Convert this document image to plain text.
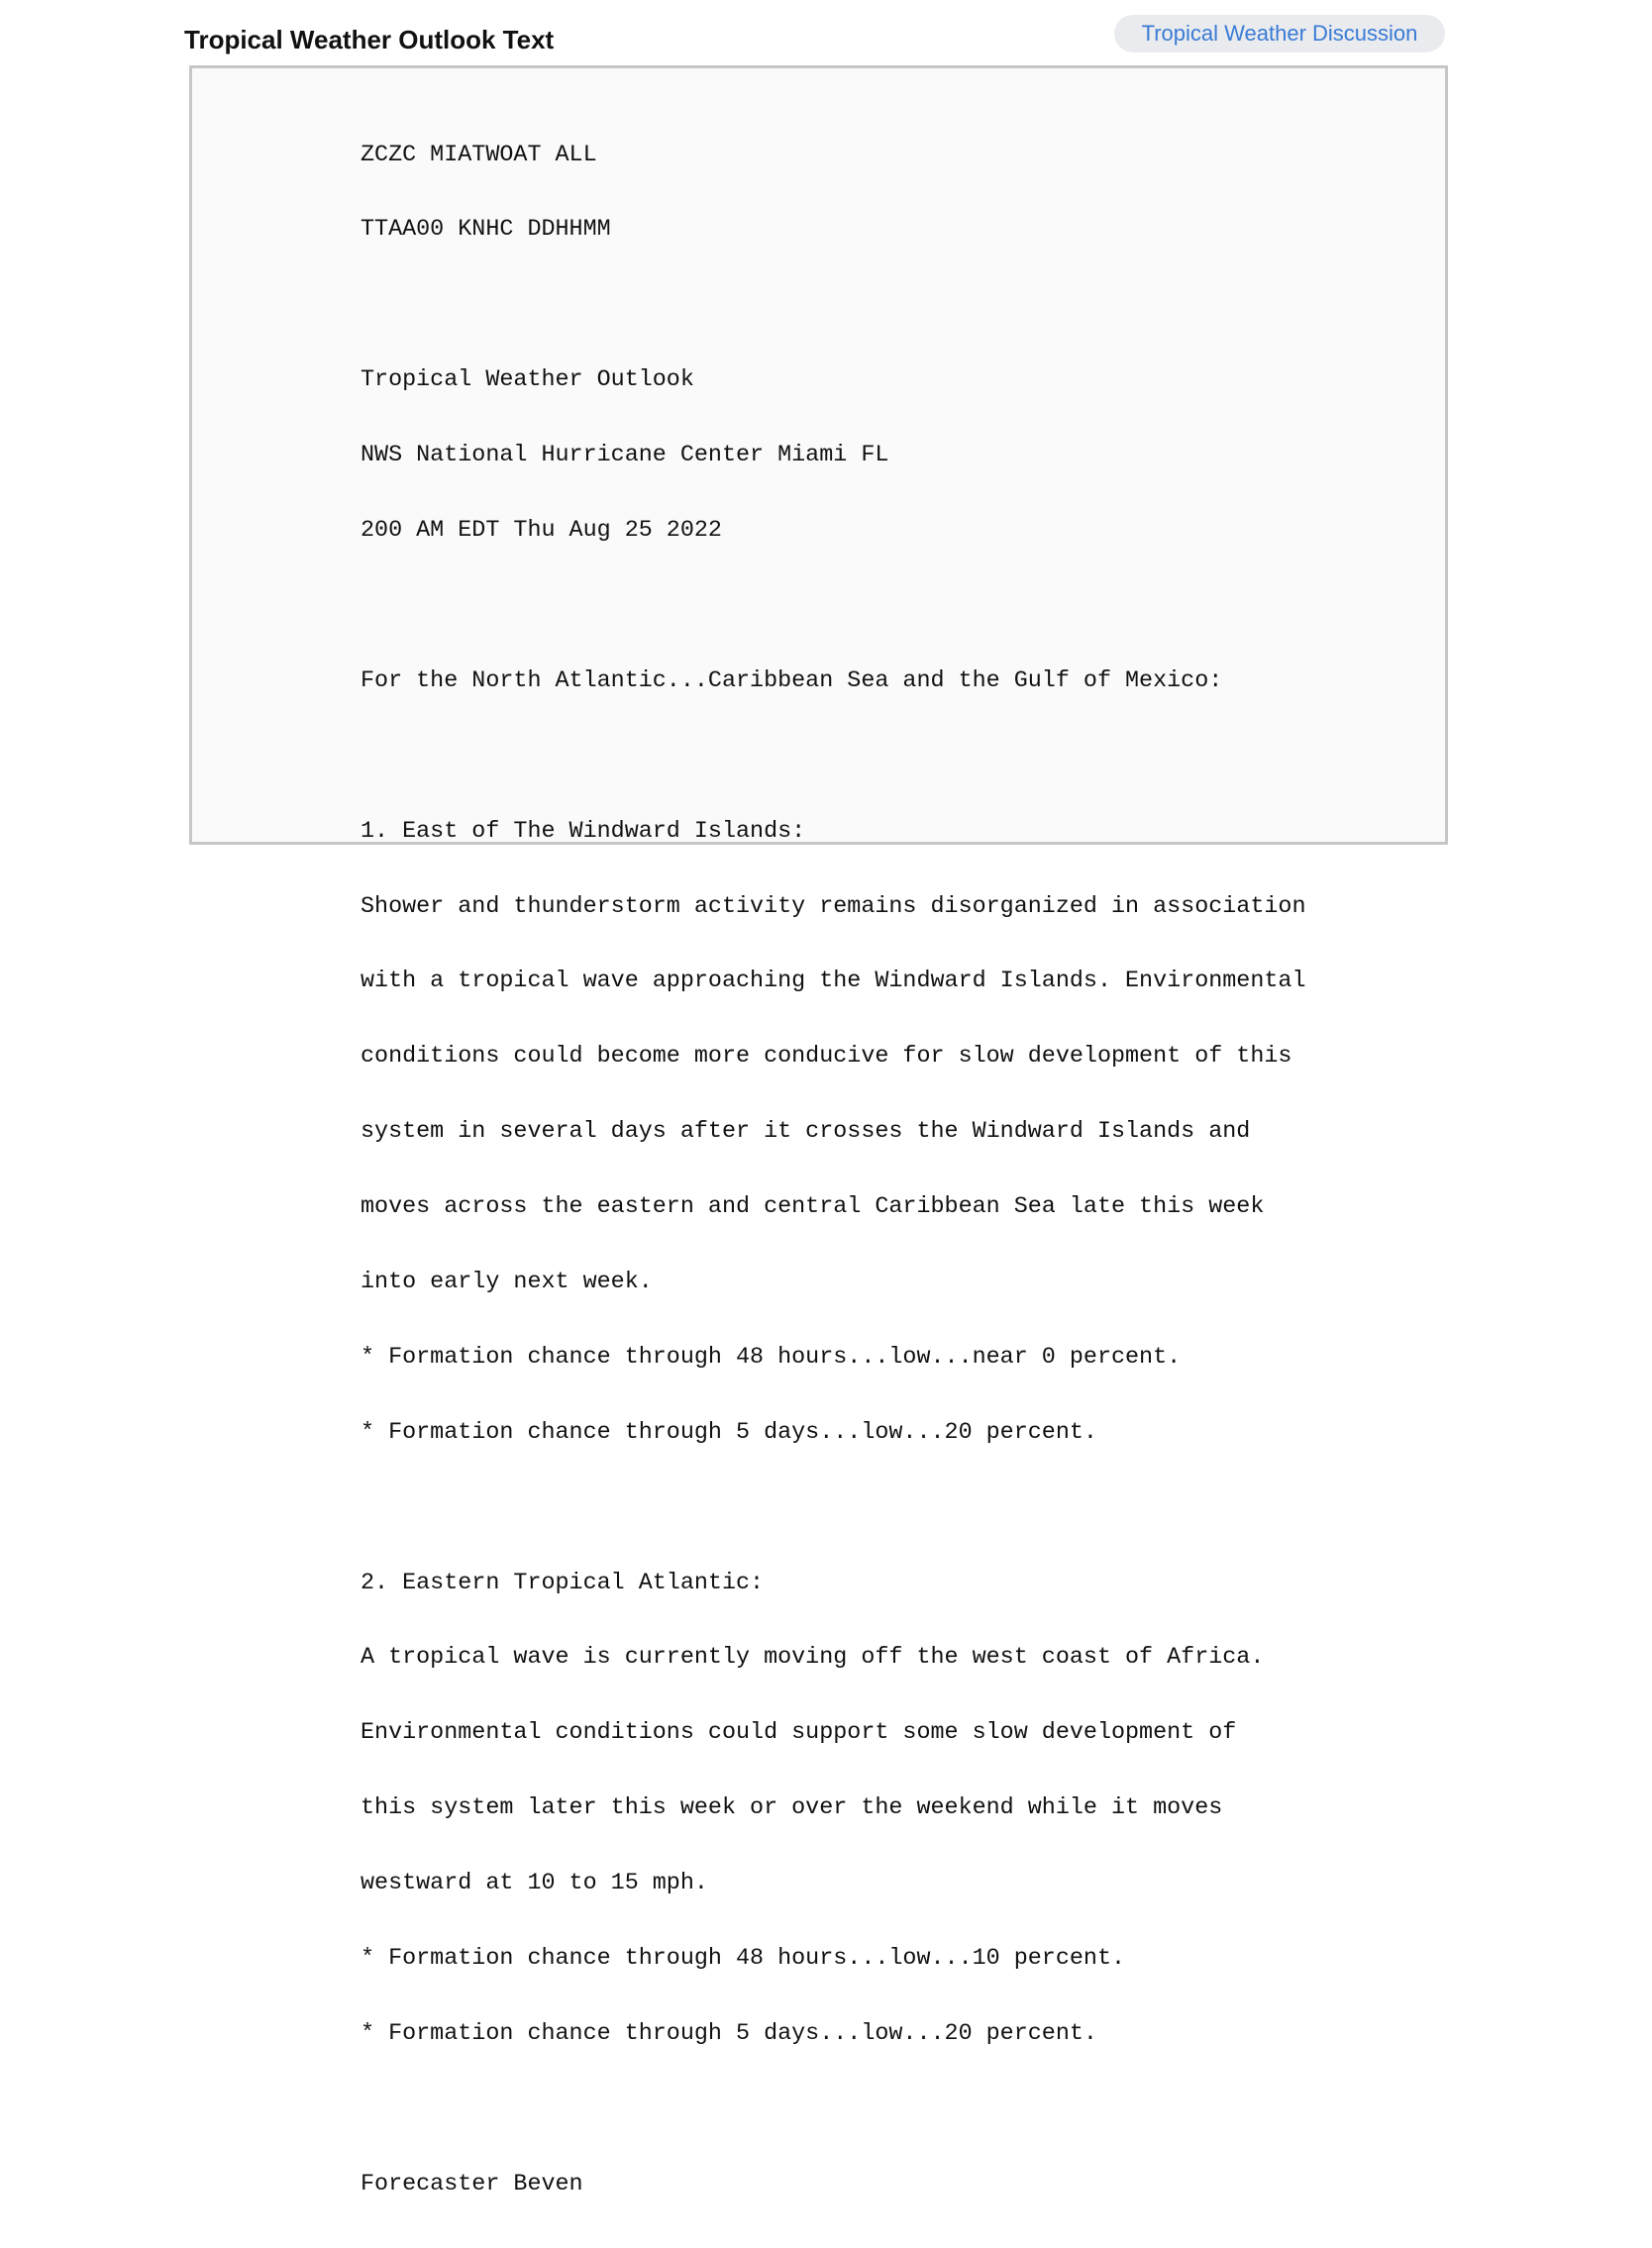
Tropical Weather Outlook Text	Tropical Weather Discussion

ZCZC MIATWOAT ALL

TTAA00 KNHC DDHHMM

Tropical Weather Outlook

NWS National Hurricane Center Miami FL

200 AM EDT Thu Aug 25 2022

For the North Atlantic...Caribbean Sea and the Gulf of Mexico:

1. East of The Windward Islands:

Shower and thunderstorm activity remains disorganized in association

with a tropical wave approaching the Windward Islands. Environmental

conditions could become more conducive for slow development of this

system in several days after it crosses the Windward Islands and

moves across the eastern and central Caribbean Sea late this week

into early next week.

* Formation chance through 48 hours...low...near 0 percent.

* Formation chance through 5 days...low...20 percent.

2. Eastern Tropical Atlantic:

A tropical wave is currently moving off the west coast of Africa.

Environmental conditions could support some slow development of

this system later this week or over the weekend while it moves

westward at 10 to 15 mph.

* Formation chance through 48 hours...low...10 percent.

* Formation chance through 5 days...low...20 percent.

Forecaster Beven
